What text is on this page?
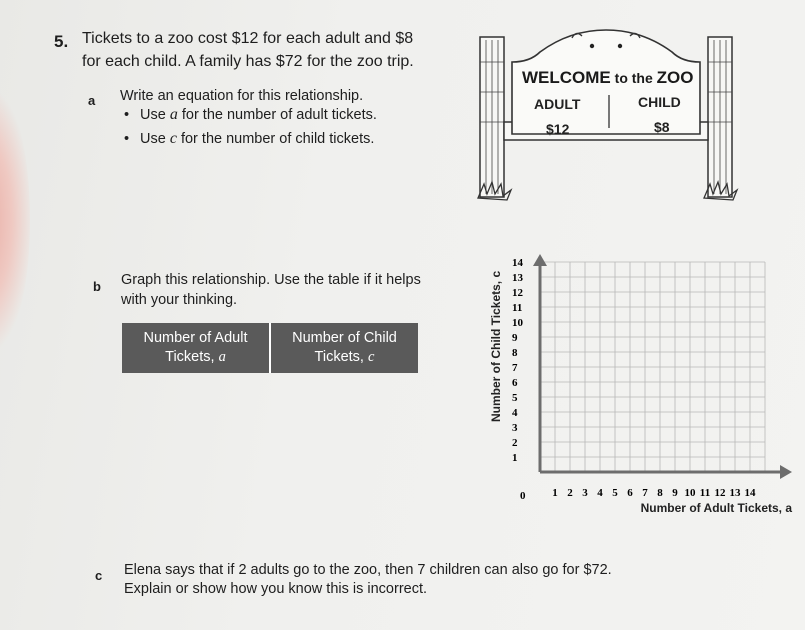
5. Tickets to a zoo cost $12 for each adult and $8
for each child. A family has $72 for the zoo trip.
a Write an equation for this relationship.
• Use a for the number of adult tickets.
• Use c for the number of child tickets.
WELCOME to the ZOO
ADULT	CHILD
$12	$8
b Graph this relationship. Use the table if it helps
with your thinking.
Number of Adult
Tickets, a
Number of Child
Tickets, c
1 2 3 4 5 6 7 8 9 10 11 12 13 14
1
2
3
4
5
6
7
8
9
10
11
12
13
14
0
Number of Child Tickets, c
Number of Adult Tickets, a
c Elena says that if 2 adults go to the zoo, then 7 children can also go for $72.
Explain or show how you know this is incorrect.
